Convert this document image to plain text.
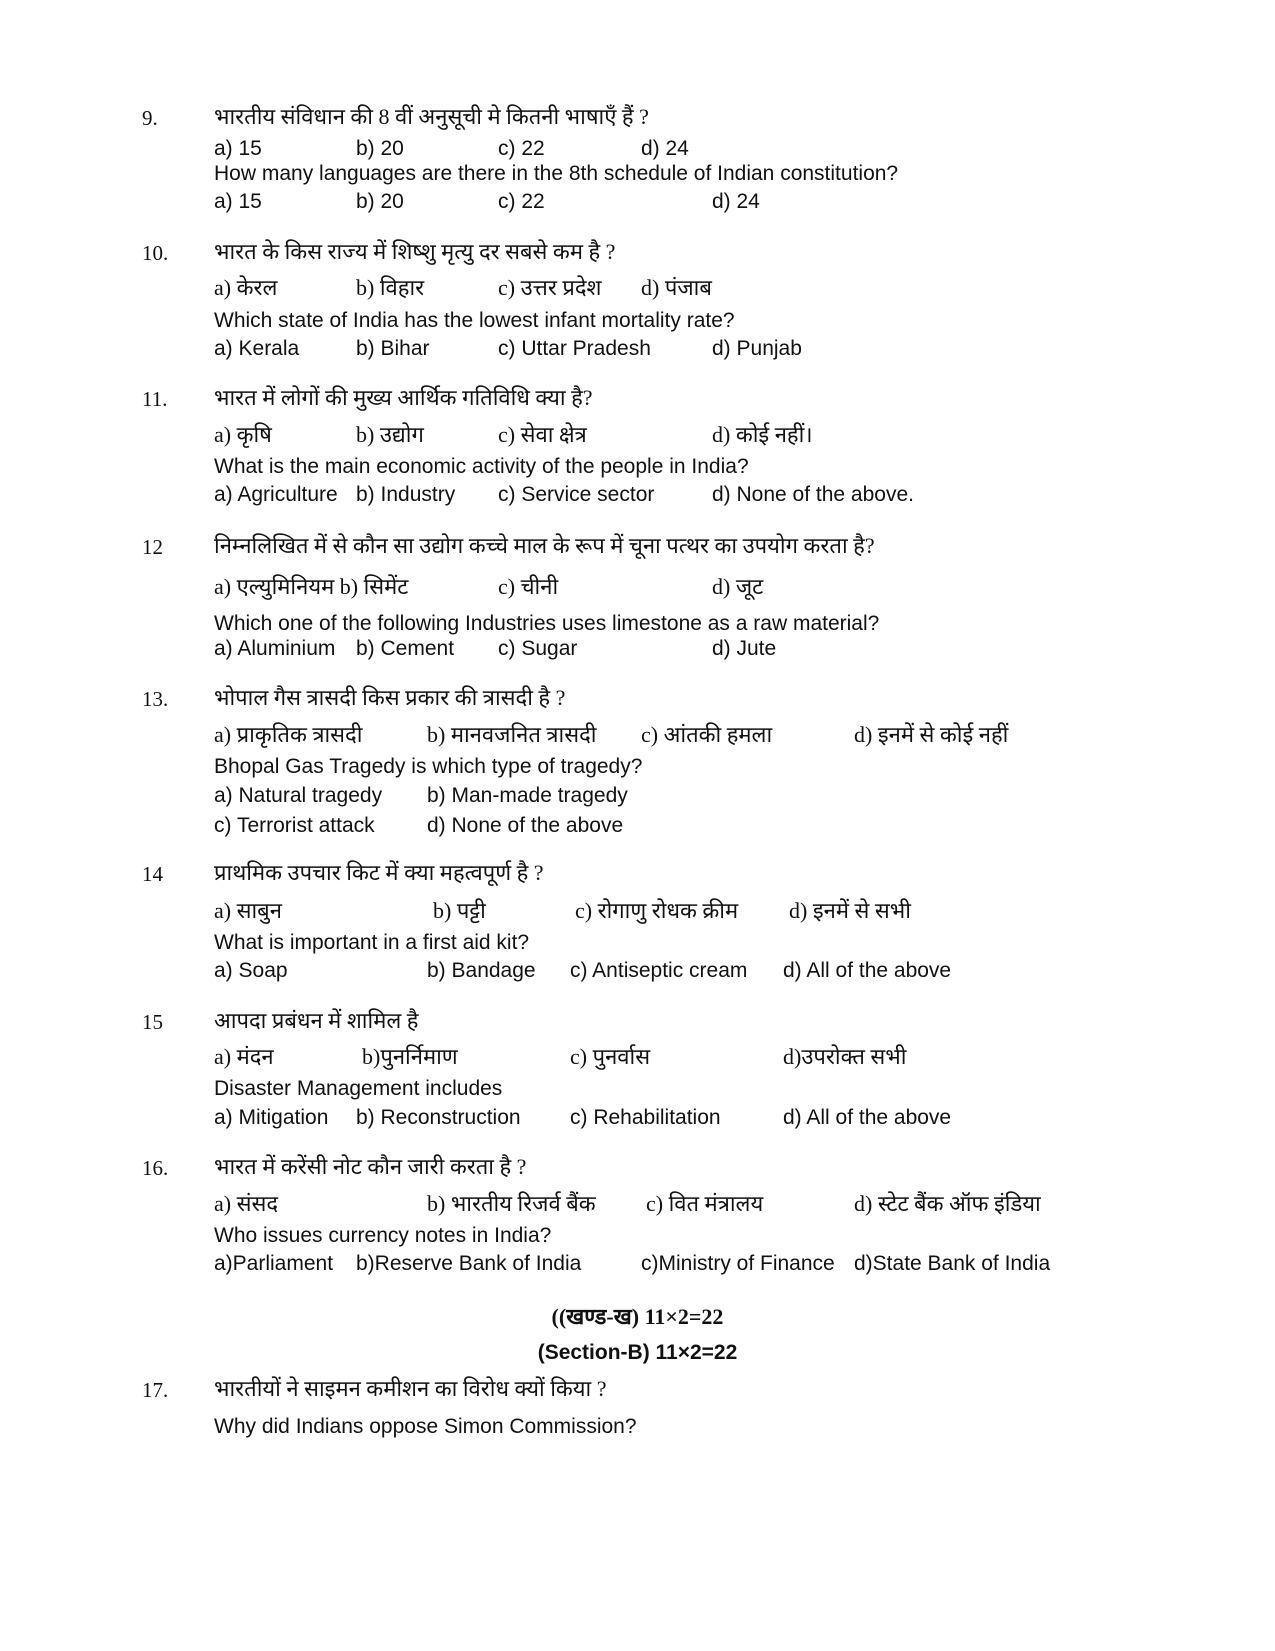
9.	भारतीय संविधान की 8 वीं अनुसूची मे कितनी भाषाएँ हैं ?
a) 15	b) 20	c) 22	d) 24
How many languages are there in the 8th schedule of Indian constitution?
a) 15	b) 20	c) 22	d) 24
10. भारत के किस राज्य में शिष्शु मृत्यु दर सबसे कम है ?
a) केरल	b) विहार	c) उत्तर प्रदेश d) पंजाब
Which state of India has the lowest infant mortality rate?
a) Kerala	b) Bihar	c) Uttar Pradesh	d) Punjab
11. भारत में लोगों की मुख्य आर्थिक गतिविधि क्या है?
a) कृषि	b) उद्योग	c) सेवा क्षेत्र	d) कोई नहीं।
What is the main economic activity of the people in India?
a) Agriculture b) Industry c) Service sector	d) None of the above.
12 निम्नलिखित में से कौन सा उद्योग कच्चे माल के रूप में चूना पत्थर का उपयोग करता है?
a) एल्युमिनियम b) सिमेंट	c) चीनी	d) जूट
Which one of the following Industries uses limestone as a raw material?
a) Aluminium b) Cement c) Sugar	d) Jute
13. भोपाल गैस त्रासदी किस प्रकार की त्रासदी है ?
a) प्राकृतिक त्रासदी	b) मानवजनित त्रासदी c) आंतकी हमला	d) इनमें से कोई नहीं
Bhopal Gas Tragedy is which type of tragedy?
a) Natural tragedy b) Man-made tragedy
c) Terrorist attack d) None of the above
14 प्राथमिक उपचार किट में क्या महत्वपूर्ण है ?
a) साबुन	b) पट्टी	c) रोगाणु रोधक क्रीम d) इनमें से सभी
What is important in a first aid kit?
a) Soap	b) Bandage c) Antiseptic cream d) All of the above
15 आपदा प्रबंधन में शामिल है
a) मंदन	b)पुनर्निमाण	c) पुनर्वास	d)उपरोक्त सभी
Disaster Management includes
a) Mitigation b) Reconstruction c) Rehabilitation	d) All of the above
16. भारत में करेंसी नोट कौन जारी करता है ?
a) संसद	b) भारतीय रिजर्व बैंक c) वित मंत्रालय	d) स्टेट बैंक ऑफ इंडिया
Who issues currency notes in India?
a)Parliament b)Reserve Bank of India	c)Ministry of Finance d)State Bank of India
((खण्ड-ख) 11×2=22
(Section-B) 11×2=22
17. भारतीयों ने साइमन कमीशन का विरोध क्यों किया ?
Why did Indians oppose Simon Commission?
